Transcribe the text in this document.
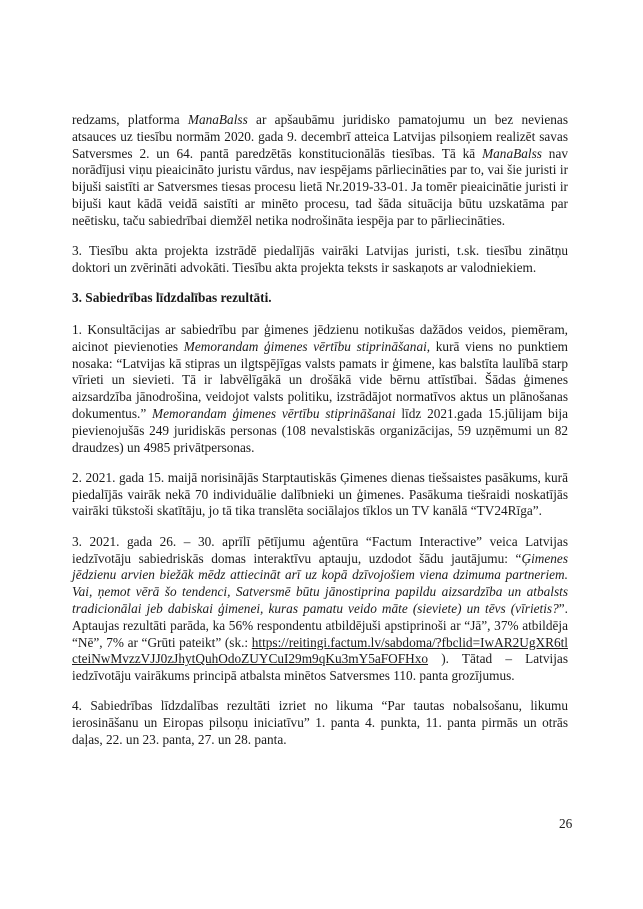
redzams, platforma ManaBalss ar apšaubāmu juridisko pamatojumu un bez nevienas atsauces uz tiesību normām 2020. gada 9. decembrī atteica Latvijas pilsoņiem realizēt savas Satversmes 2. un 64. pantā paredzētās konstitucionālās tiesības. Tā kā ManaBalss nav norādījusi viņu pieaicināto juristu vārdus, nav iespējams pārliecināties par to, vai šie juristi ir bijuši saistīti ar Satversmes tiesas procesu lietā Nr.2019-33-01. Ja tomēr pieaicinātie juristi ir bijuši kaut kādā veidā saistīti ar minēto procesu, tad šāda situācija būtu uzskatāma par neētisku, taču sabiedrībai diemžēl netika nodrošināta iespēja par to pārliecināties.

3. Tiesību akta projekta izstrādē piedalījās vairāki Latvijas juristi, t.sk. tiesību zinātņu doktori un zvērināti advokāti. Tiesību akta projekta teksts ir saskaņots ar valodniekiem.

3. Sabiedrības līdzdalības rezultāti.

1. Konsultācijas ar sabiedrību par ģimenes jēdzienu notikušas dažādos veidos, piemēram, aicinot pievienoties Memorandam ģimenes vērtību stiprināšanai, kurā viens no punktiem nosaka: “Latvijas kā stipras un ilgtspējīgas valsts pamats ir ģimene, kas balstīta laulībā starp vīrieti un sievieti. Tā ir labvēlīgākā un drošākā vide bērnu attīstībai. Šādas ģimenes aizsardzība jānodrošina, veidojot valsts politiku, izstrādājot normatīvos aktus un plānošanas dokumentus.” Memorandam ģimenes vērtību stiprināšanai līdz 2021.gada 15.jūlijam bija pievienojušās 249 juridiskās personas (108 nevalstiskās organizācijas, 59 uzņēmumi un 82 draudzes) un 4985 privātpersonas.

2. 2021. gada 15. maijā norisinājās Starptautiskās Ģimenes dienas tiešsaistes pasākums, kurā piedalījās vairāk nekā 70 individuālie dalībnieki un ģimenes. Pasākuma tiešraidi noskatījās vairāki tūkstoši skatītāju, jo tā tika translēta sociālajos tīklos un TV kanālā “TV24Rīga”.

3. 2021. gada 26. – 30. aprīlī pētījumu aģentūra “Factum Interactive” veica Latvijas iedzīvotāju sabiedriskās domas interaktīvu aptauju, uzdodot šādu jautājumu: “Ģimenes jēdzienu arvien biežāk mēdz attiecināt arī uz kopā dzīvojošiem viena dzimuma partneriem. Vai, ņemot vērā šo tendenci, Satversmē būtu jānostiprina papildu aizsardzība un atbalsts tradicionālai jeb dabiskai ģimenei, kuras pamatu veido māte (sieviete) un tēvs (vīrietis?”. Aptaujas rezultāti parāda, ka 56% respondentu atbildējuši apstiprinoši ar “Jā”, 37% atbildēja “Nē”, 7% ar “Grūti pateikt” (sk.: https://reitingi.factum.lv/sabdoma/?fbclid=IwAR2UgXR6tlcteiNwMvzzVJJ0zJhytQuhOdoZUYCuI29m9qKu3mY5aFOFHxo ). Tātad – Latvijas iedzīvotāju vairākums principā atbalsta minētos Satversmes 110. panta grozījumus.

4. Sabiedrības līdzdalības rezultāti izriet no likuma “Par tautas nobalsošanu, likumu ierosināšanu un Eiropas pilsoņu iniciatīvu” 1. panta 4. punkta, 11. panta pirmās un otrās daļas, 22. un 23. panta, 27. un 28. panta.

26
